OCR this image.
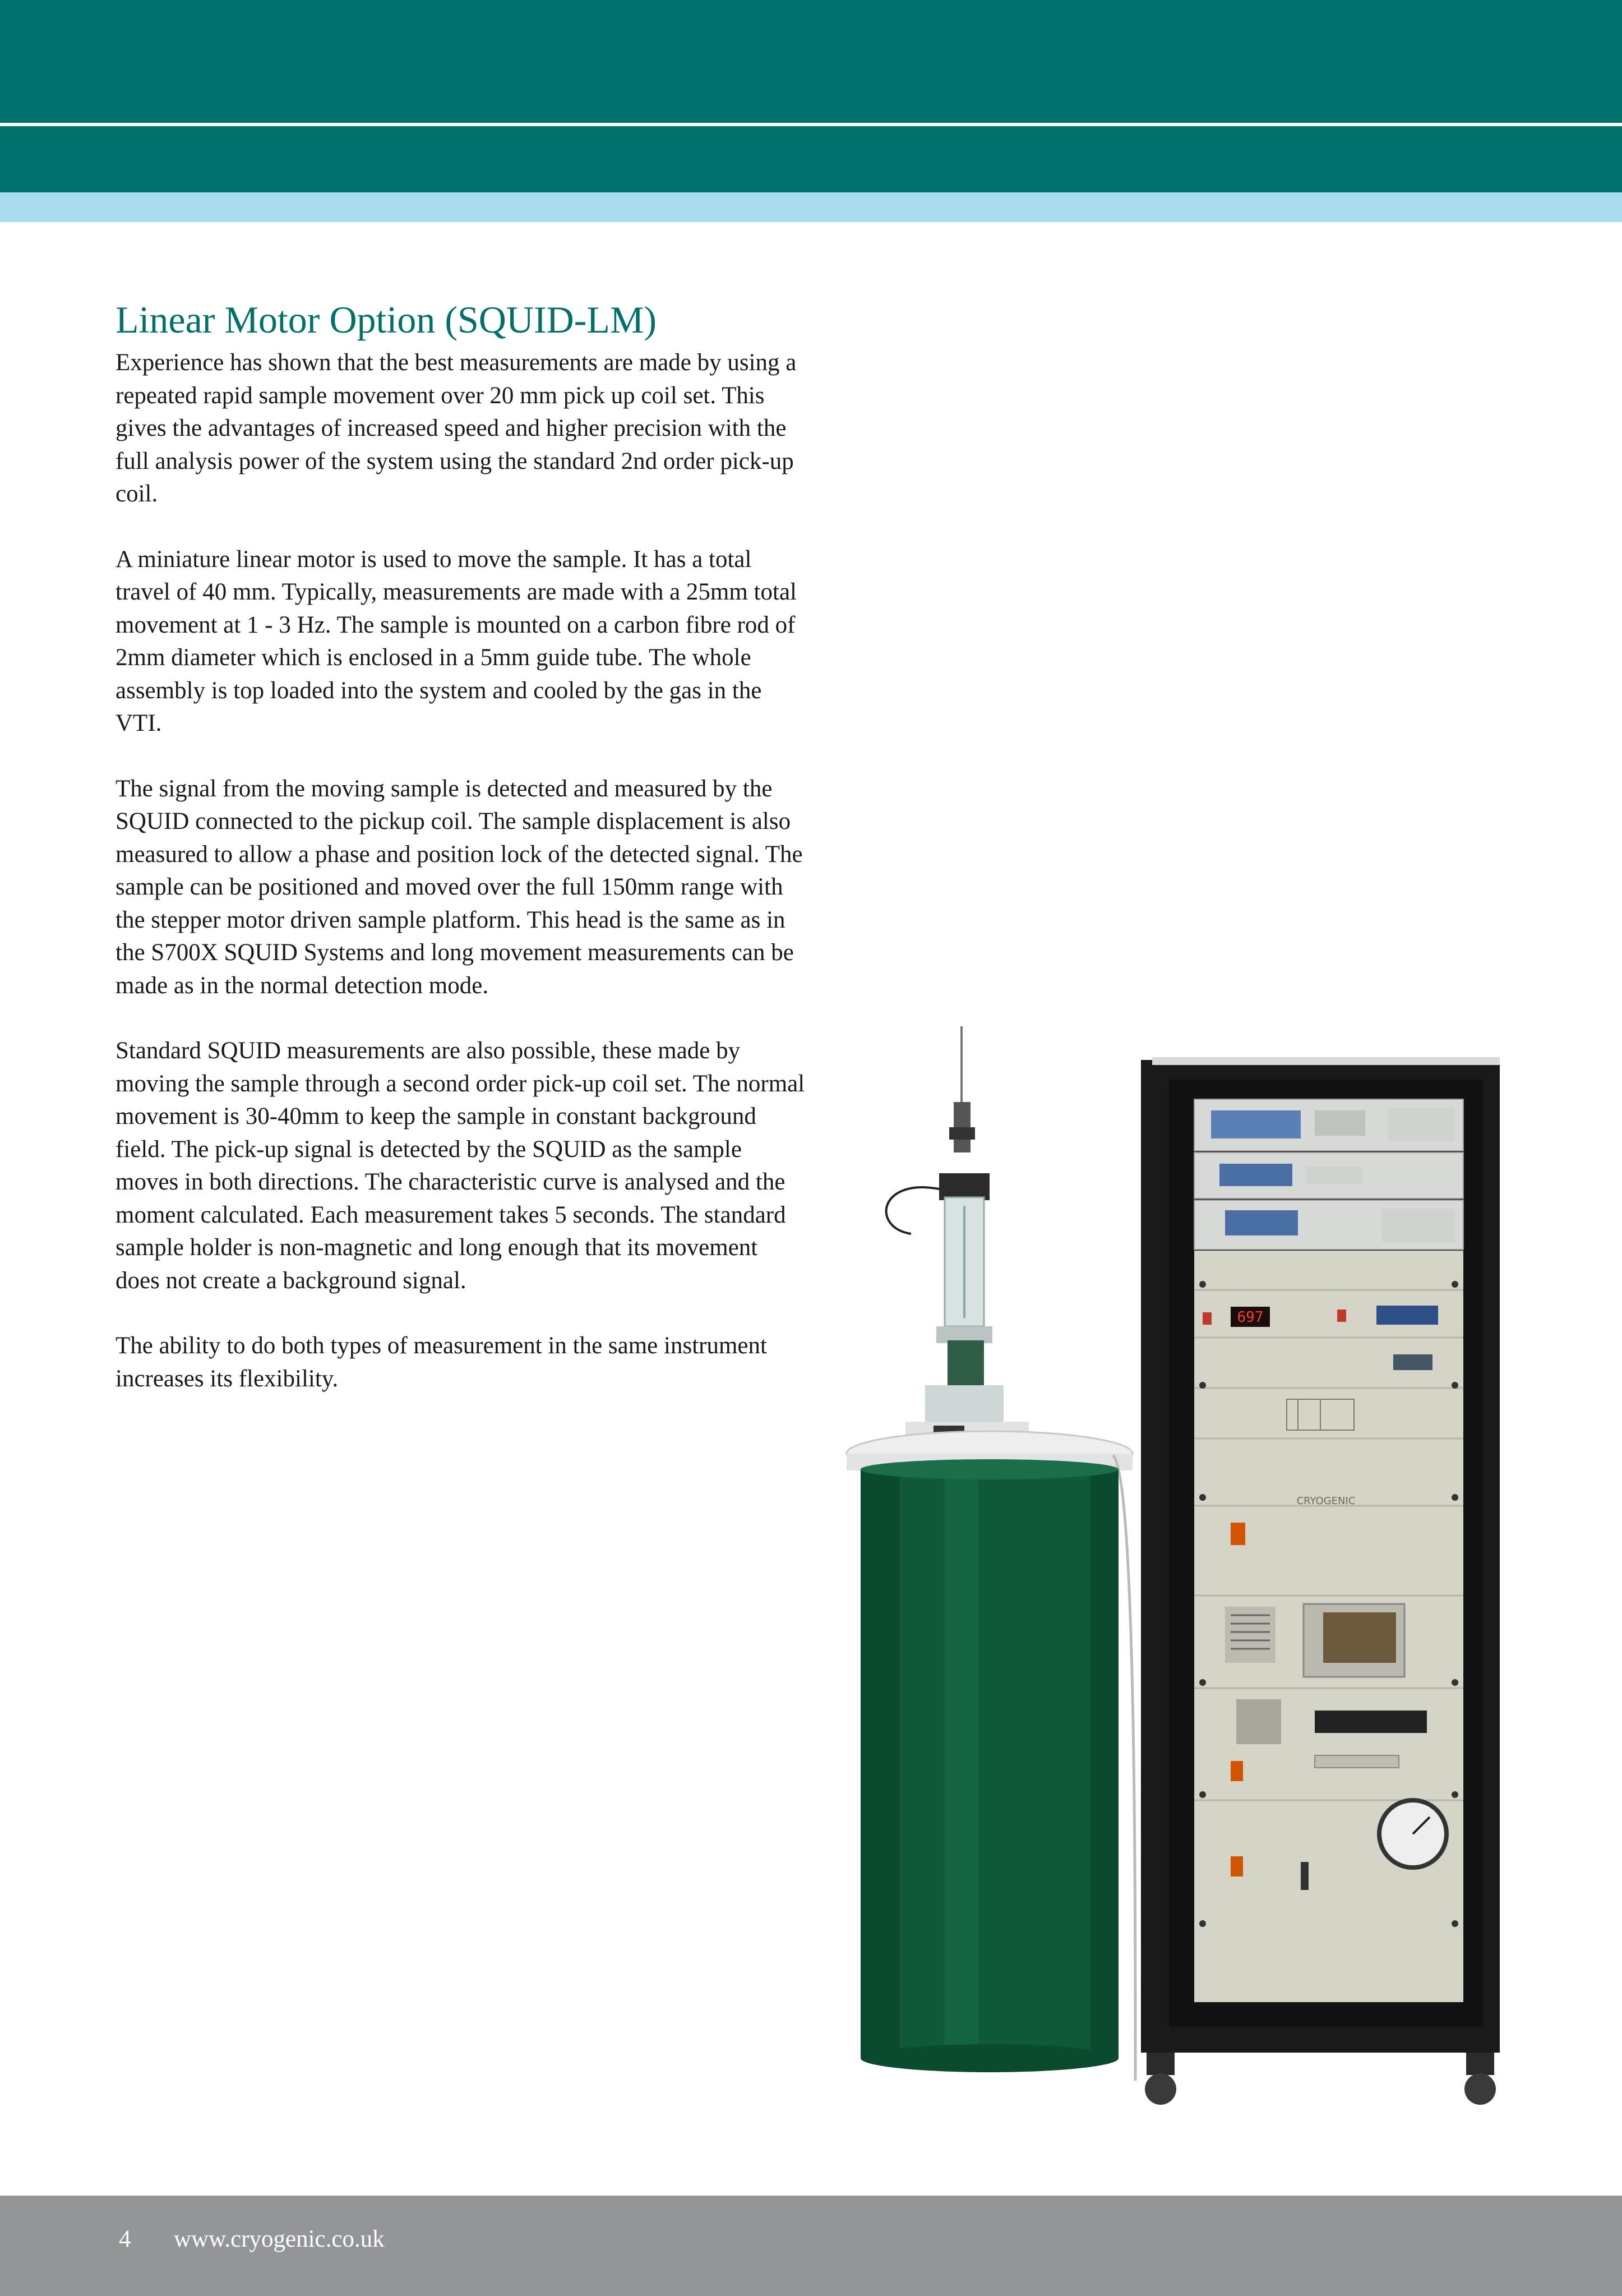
Linear Motor Option (SQUID-LM)

Experience has shown that the best measurements are made by using a repeated rapid sample movement over 20 mm pick up coil set. This gives the advantages of increased speed and higher precision with the full analysis power of the system using the standard 2nd order pick-up coil.

A miniature linear motor is used to move the sample. It has a total travel of 40 mm. Typically, measurements are made with a 25mm total movement at 1 - 3 Hz. The sample is mounted on a carbon fibre rod of 2mm diameter which is enclosed in a 5mm guide tube. The whole assembly is top loaded into the system and cooled by the gas in the VTI.

The signal from the moving sample is detected and measured by the SQUID connected to the pickup coil. The sample displacement is also measured to allow a phase and position lock of the detected signal. The sample can be positioned and moved over the full 150mm range with the stepper motor driven sample platform. This head is the same as in the S700X SQUID Systems and long movement measurements can be made as in the normal detection mode.

Standard SQUID measurements are also possible, these made by moving the sample through a second order pick-up coil set. The normal movement is 30-40mm to keep the sample in constant background field. The pick-up signal is detected by the SQUID as the sample moves in both directions. The characteristic curve is analysed and the moment calculated. Each measurement takes 5 seconds. The standard sample holder is non-magnetic and long enough that its movement does not create a background signal.

The ability to do both types of measurement in the same instrument increases its flexibility.

697
CRYOGENIC
4 www.cryogenic.co.uk
